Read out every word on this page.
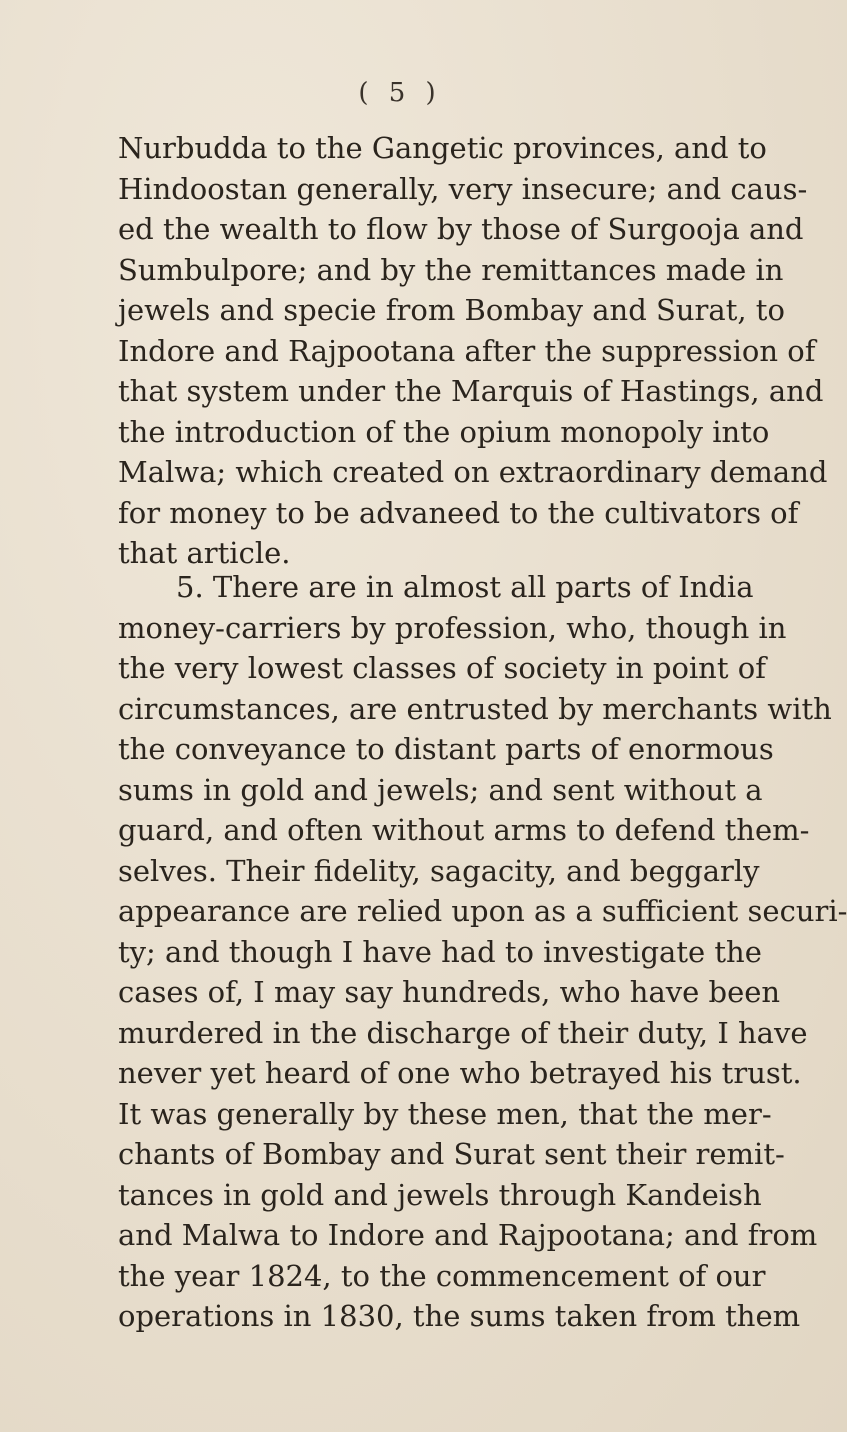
( 5 )
Nurbudda to the Gangetic provinces, and to
Hindoostan generally, very insecure; and caus-
ed the wealth to flow by those of Surgooja and
Sumbulpore; and by the remittances made in
jewels and specie from Bombay and Surat, to
Indore and Rajpootana after the suppression of
that system under the Marquis of Hastings, and
the introduction of the opium monopoly into
Malwa; which created on extraordinary demand
for money to be advaneed to the cultivators of
that article.
5. There are in almost all parts of India
money-carriers by profession, who, though in
the very lowest classes of society in point of
circumstances, are entrusted by merchants with
the conveyance to distant parts of enormous
sums in gold and jewels; and sent without a
guard, and often without arms to defend them-
selves. Their fidelity, sagacity, and beggarly
appearance are relied upon as a sufficient securi-
ty; and though I have had to investigate the
cases of, I may say hundreds, who have been
murdered in the discharge of their duty, I have
never yet heard of one who betrayed his trust.
It was generally by these men, that the mer-
chants of Bombay and Surat sent their remit-
tances in gold and jewels through Kandeish
and Malwa to Indore and Rajpootana; and from
the year 1824, to the commencement of our
operations in 1830, the sums taken from them
